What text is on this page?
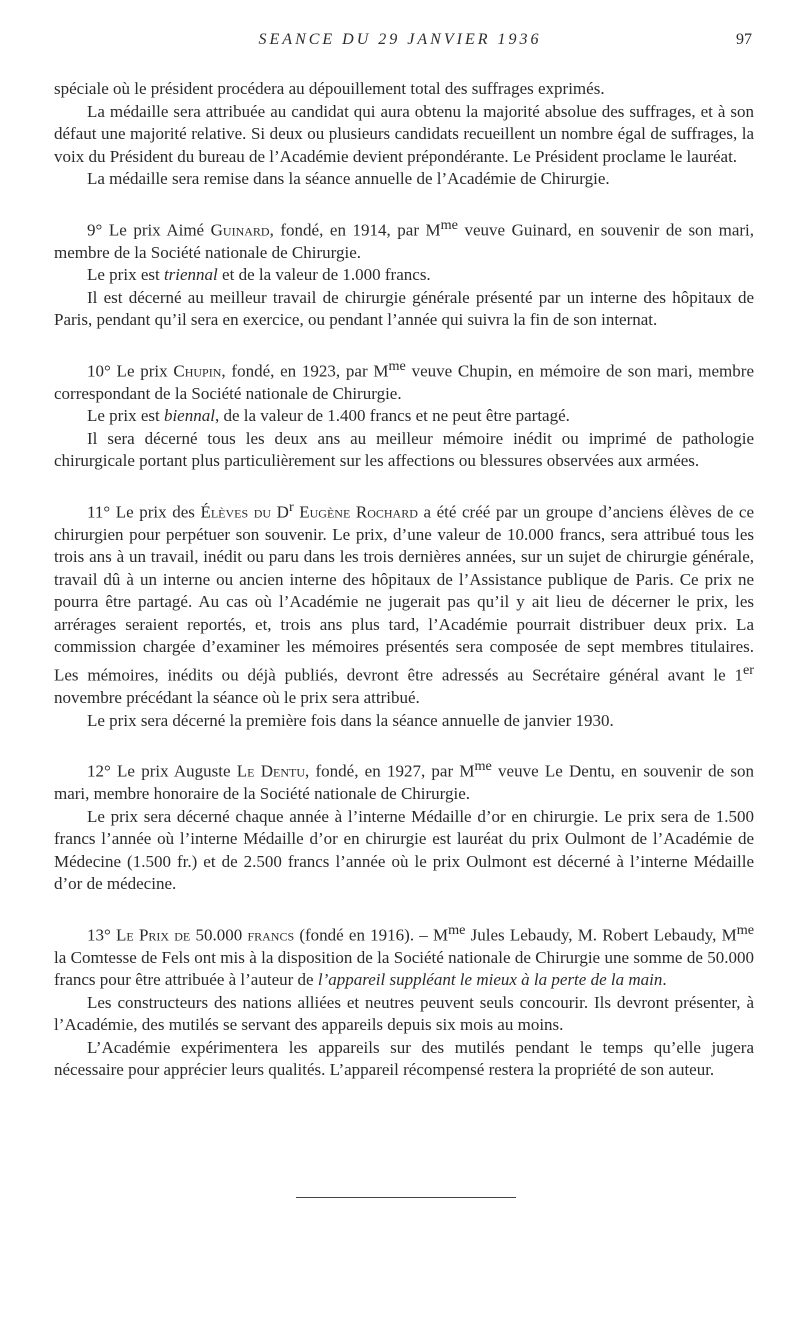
SEANCE DU 29 JANVIER 1936	97

spéciale où le président procédera au dépouillement total des suffrages exprimés.

La médaille sera attribuée au candidat qui aura obtenu la majorité absolue des suffrages, et à son défaut une majorité relative. Si deux ou plusieurs candidats recueillent un nombre égal de suffrages, la voix du Président du bureau de l’Académie devient prépondérante. Le Président proclame le lauréat.

La médaille sera remise dans la séance annuelle de l’Académie de Chirurgie.

9° Le prix Aimé Guinard, fondé, en 1914, par $M^{me}$ veuve Guinard, en souvenir de son mari, membre de la Société nationale de Chirurgie.

Le prix est triennal et de la valeur de 1.000 francs.

Il est décerné au meilleur travail de chirurgie générale présenté par un interne des hôpitaux de Paris, pendant qu’il sera en exercice, ou pendant l’année qui suivra la fin de son internat.

10° Le prix Chupin, fondé, en 1923, par $M^{me}$ veuve Chupin, en mémoire de son mari, membre correspondant de la Société nationale de Chirurgie.

Le prix est biennal, de la valeur de 1.400 francs et ne peut être partagé.

Il sera décerné tous les deux ans au meilleur mémoire inédit ou imprimé de pathologie chirurgicale portant plus particulièrement sur les affections ou blessures observées aux armées.

11° Le prix des Élèves du $D^r$ Eugène Rochard a été créé par un groupe d’anciens élèves de ce chirurgien pour perpétuer son souvenir. Le prix, d’une valeur de 10.000 francs, sera attribué tous les trois ans à un travail, inédit ou paru dans les trois dernières années, sur un sujet de chirurgie générale, travail dû à un interne ou ancien interne des hôpitaux de l’Assistance publique de Paris. Ce prix ne pourra être partagé. Au cas où l’Académie ne jugerait pas qu’il y ait lieu de décerner le prix, les arrérages seraient reportés, et, trois ans plus tard, l’Académie pourrait distribuer deux prix. La commission chargée d’examiner les mémoires présentés sera composée de sept membres titulaires. Les mémoires, inédits ou déjà publiés, devront être adressés au Secrétaire général avant le 1er novembre précédant la séance où le prix sera attribué.

Le prix sera décerné la première fois dans la séance annuelle de janvier 1930.

12° Le prix Auguste Le Dentu, fondé, en 1927, par $M^{me}$ veuve Le Dentu, en souvenir de son mari, membre honoraire de la Société nationale de Chirurgie.

Le prix sera décerné chaque année à l’interne Médaille d’or en chirurgie. Le prix sera de 1.500 francs l’année où l’interne Médaille d’or en chirurgie est lauréat du prix Oulmont de l’Académie de Médecine (1.500 fr.) et de 2.500 francs l’année où le prix Oulmont est décerné à l’interne Médaille d’or de médecine.

13° Le Prix de 50.000 francs (fondé en 1916). – $M^{me}$ Jules Lebaudy, M. Robert Lebaudy, $M^{me}$ la Comtesse de Fels ont mis à la disposition de la Société nationale de Chirurgie une somme de 50.000 francs pour être attribuée à l’auteur de l’appareil suppléant le mieux à la perte de la main.

Les constructeurs des nations alliées et neutres peuvent seuls concourir. Ils devront présenter, à l’Académie, des mutilés se servant des appareils depuis six mois au moins.

L’Académie expérimentera les appareils sur des mutilés pendant le temps qu’elle jugera nécessaire pour apprécier leurs qualités. L’appareil récompensé restera la propriété de son auteur.
